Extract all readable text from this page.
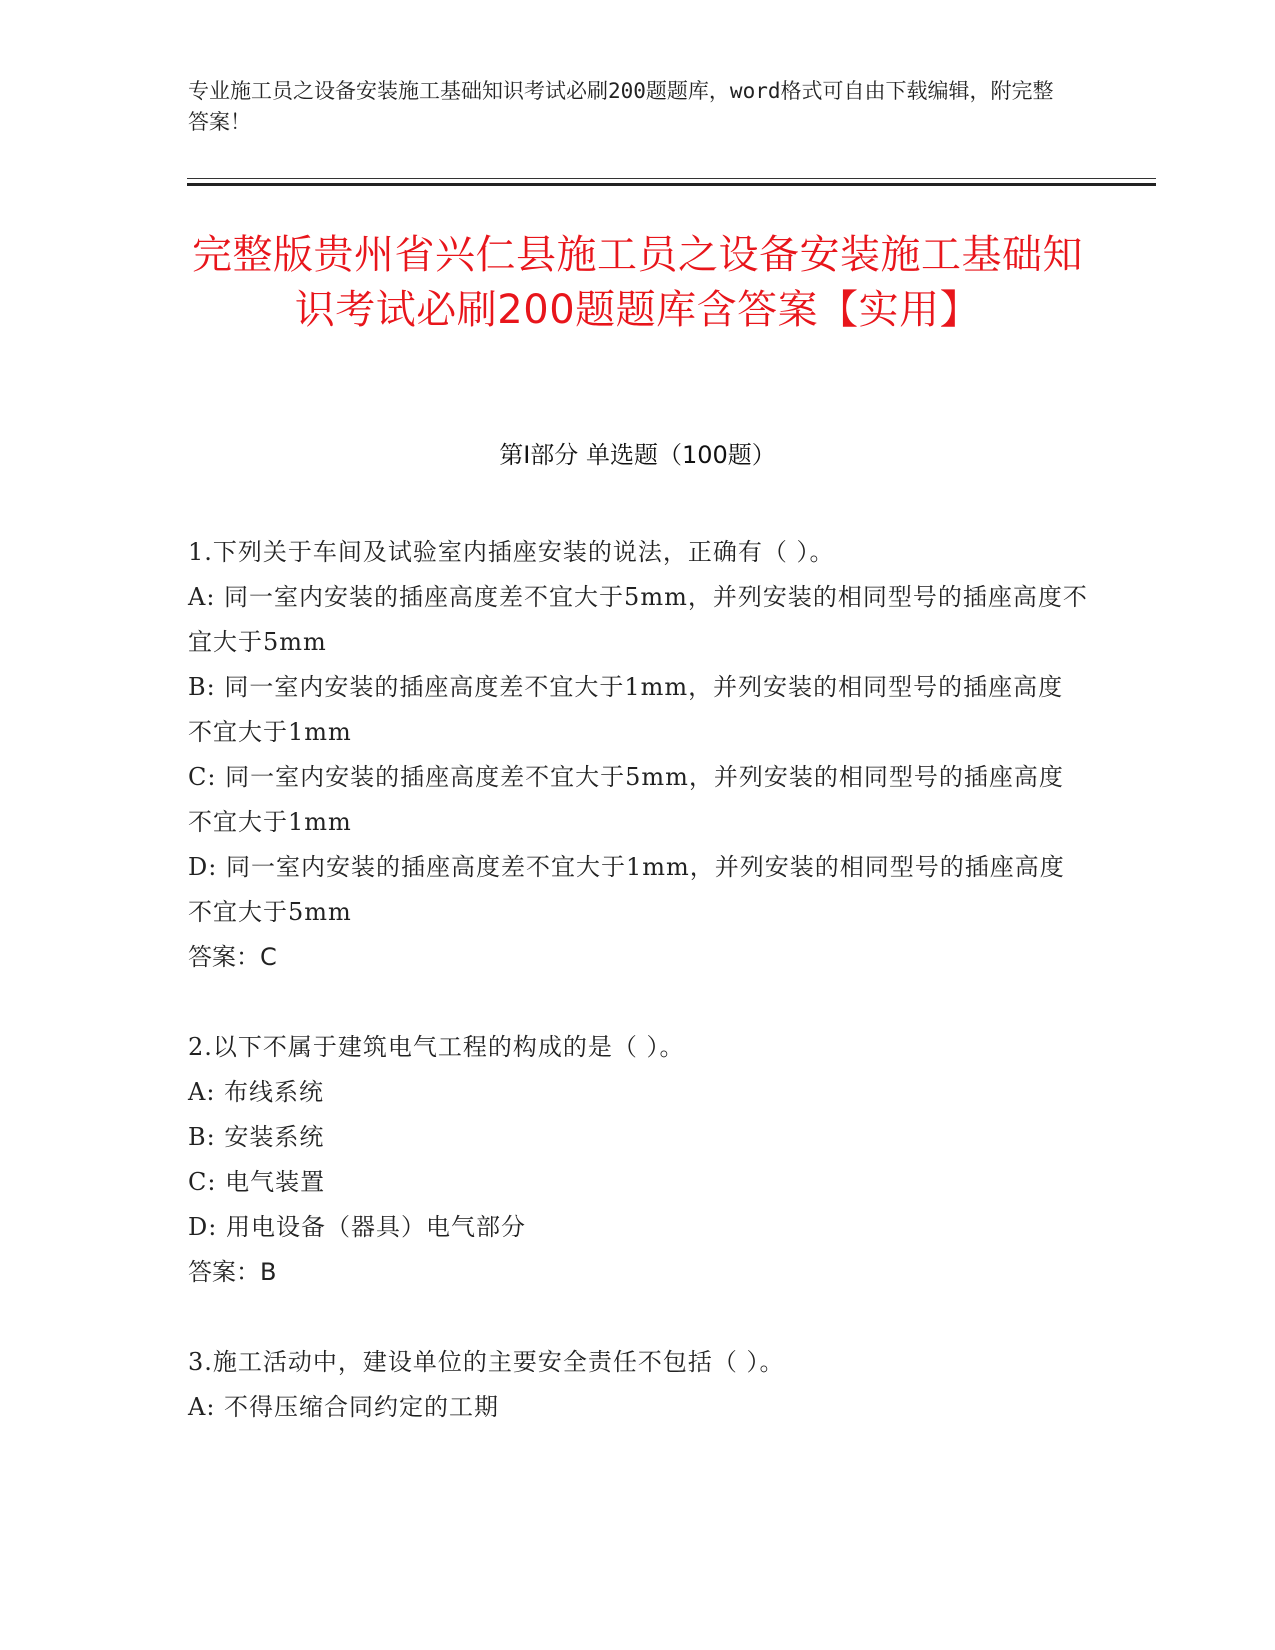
专业施工员之设备安装施工基础知识考试必刷200题题库，word格式可自由下载编辑，附完整答案！
完整版贵州省兴仁县施工员之设备安装施工基础知识考试必刷200题题库含答案【实用】
第Ⅰ部分 单选题（100题）

1.下列关于车间及试验室内插座安装的说法，正确有（ ）。

A: 同一室内安装的插座高度差不宜大于5mm，并列安装的相同型号的插座高度不宜大于5mm

B: 同一室内安装的插座高度差不宜大于1mm，并列安装的相同型号的插座高度不宜大于1mm

C: 同一室内安装的插座高度差不宜大于5mm，并列安装的相同型号的插座高度不宜大于1mm

D: 同一室内安装的插座高度差不宜大于1mm，并列安装的相同型号的插座高度不宜大于5mm

答案：C

2.以下不属于建筑电气工程的构成的是（ ）。

A: 布线系统

B: 安装系统

C: 电气装置

D: 用电设备（器具）电气部分

答案：B

3.施工活动中，建设单位的主要安全责任不包括（ ）。

A: 不得压缩合同约定的工期
